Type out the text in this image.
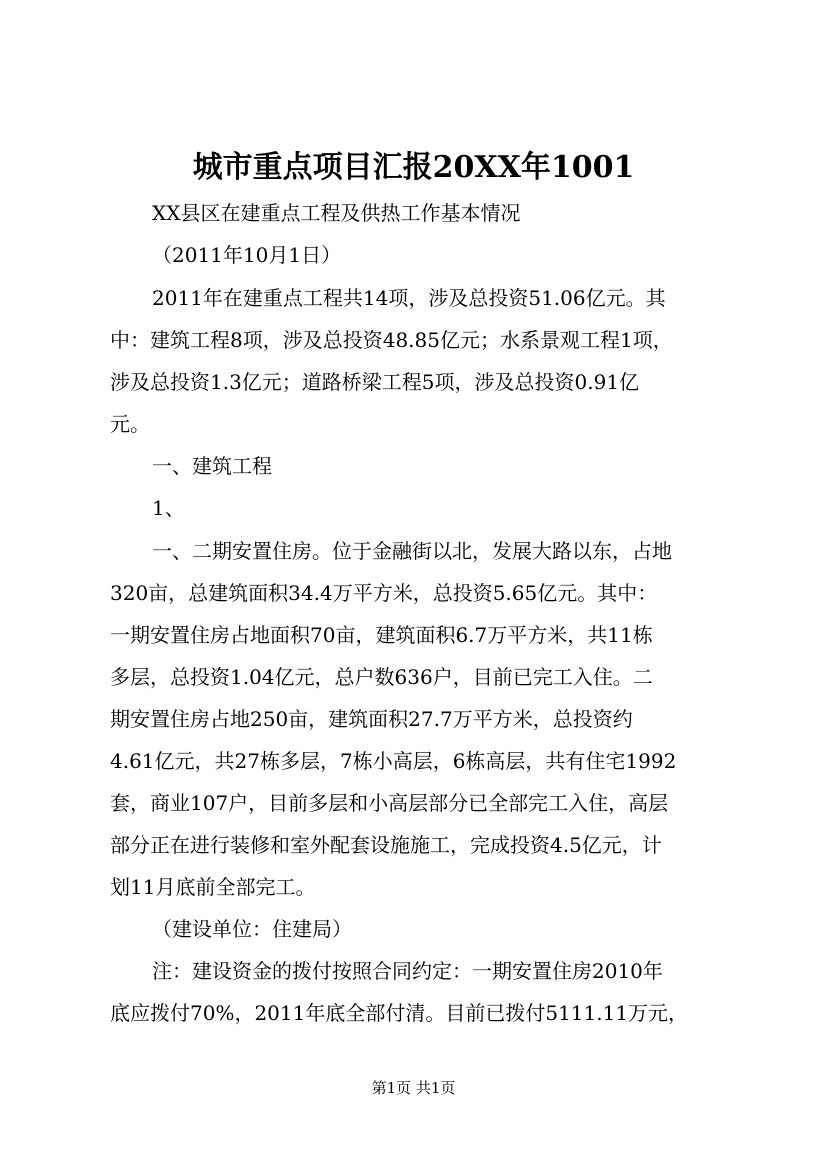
城市重点项目汇报20XX年1001
XX县区在建重点工程及供热工作基本情况
（2011年10月1日）
2011年在建重点工程共14项，涉及总投资51.06亿元。其
中：建筑工程8项，涉及总投资48.85亿元；水系景观工程1项，
涉及总投资1.3亿元；道路桥梁工程5项，涉及总投资0.91亿
元。
一、建筑工程
1、
一、二期安置住房。位于金融街以北，发展大路以东，占地
320亩，总建筑面积34.4万平方米，总投资5.65亿元。其中：
一期安置住房占地面积70亩，建筑面积6.7万平方米，共11栋
多层，总投资1.04亿元，总户数636户，目前已完工入住。二
期安置住房占地250亩，建筑面积27.7万平方米，总投资约
4.61亿元，共27栋多层，7栋小高层，6栋高层，共有住宅1992
套，商业107户，目前多层和小高层部分已全部完工入住，高层
部分正在进行装修和室外配套设施施工，完成投资4.5亿元，计
划11月底前全部完工。
（建设单位：住建局）
注：建设资金的拨付按照合同约定：一期安置住房2010年
底应拨付70%，2011年底全部付清。目前已拨付5111.11万元，
第1页 共1页
